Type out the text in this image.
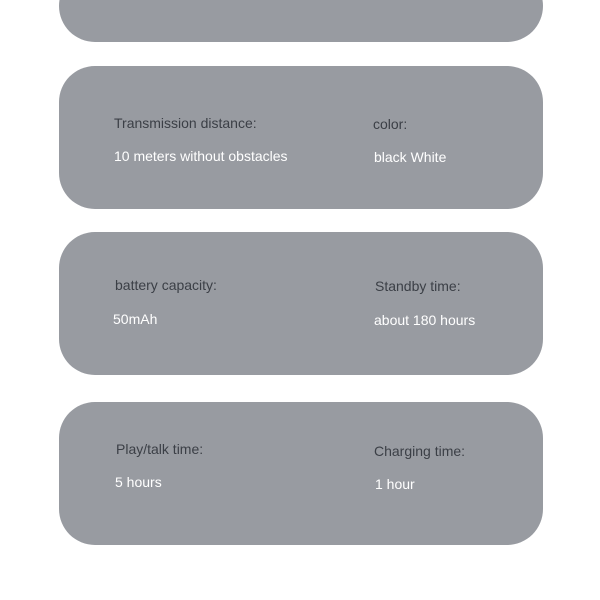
Transmission distance:
10 meters without obstacles
color:
black White
battery capacity:
50mAh
Standby time:
about 180 hours
Play/talk time:
5 hours
Charging time:
1 hour
